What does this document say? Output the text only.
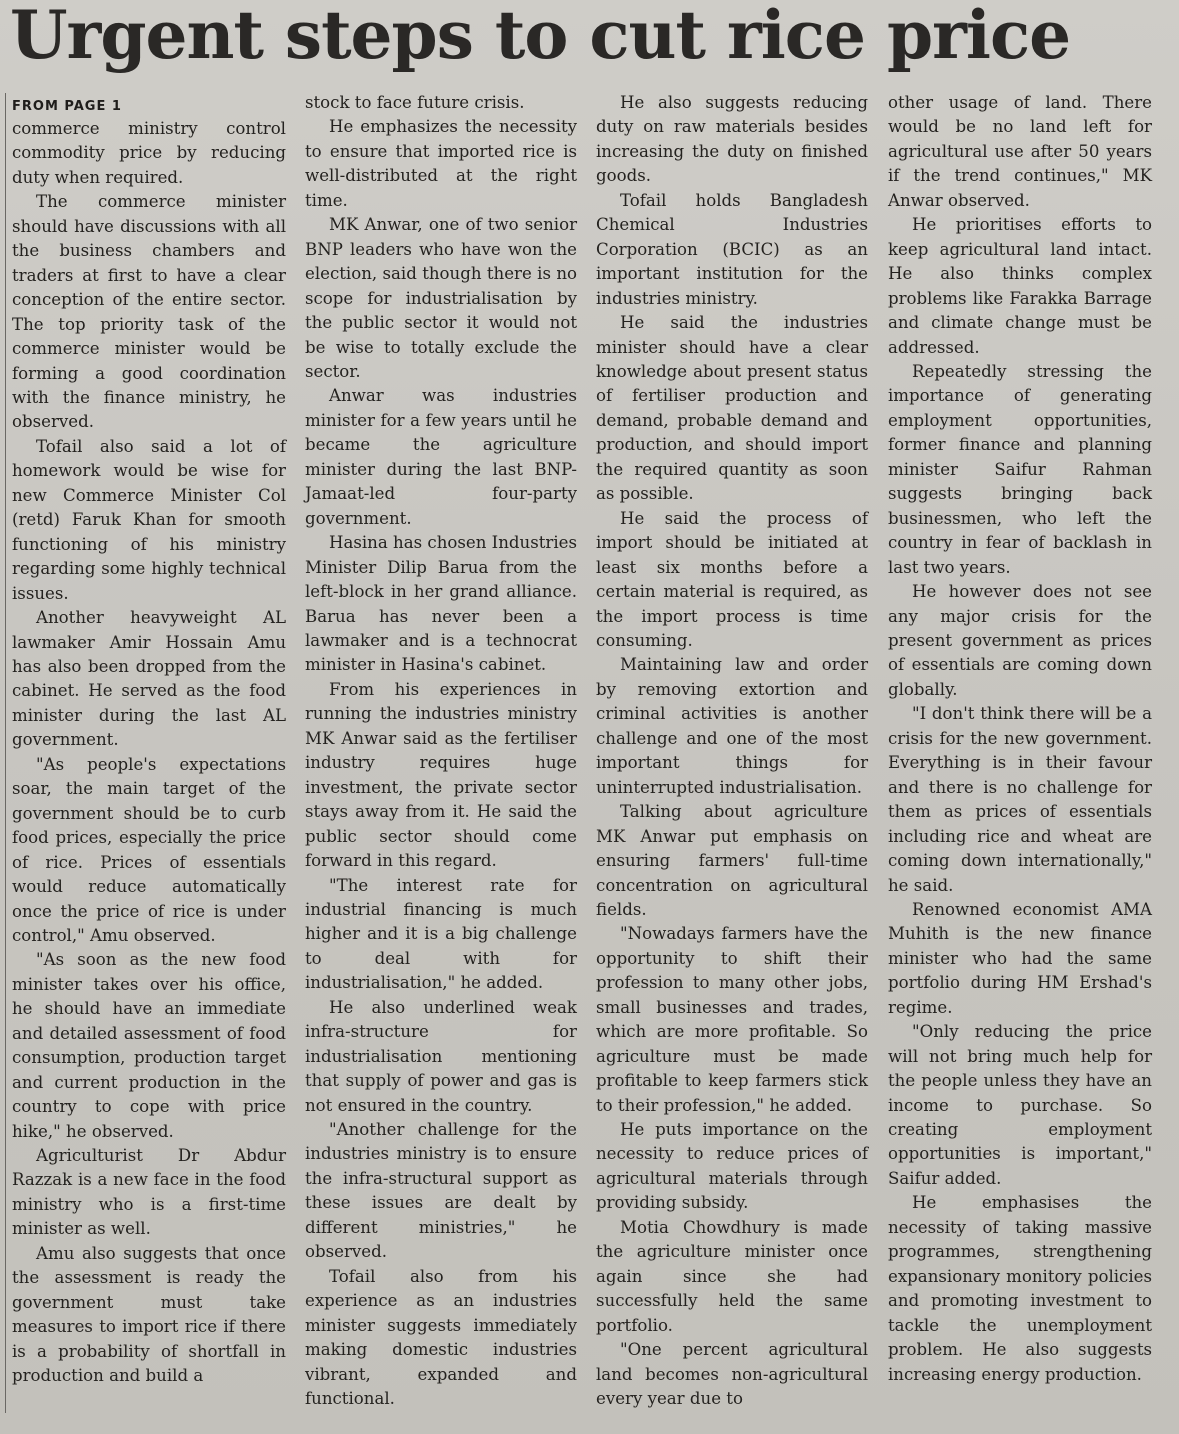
Urgent steps to cut rice price
FROM PAGE 1

commerce ministry control commodity price by reducing duty when required.

The commerce minister should have discussions with all the business chambers and traders at first to have a clear conception of the entire sector. The top priority task of the commerce minister would be forming a good coordination with the finance ministry, he observed.

Tofail also said a lot of homework would be wise for new Commerce Minister Col (retd) Faruk Khan for smooth functioning of his ministry regarding some highly technical issues.

Another heavyweight AL lawmaker Amir Hossain Amu has also been dropped from the cabinet. He served as the food minister during the last AL government.

"As people's expectations soar, the main target of the government should be to curb food prices, especially the price of rice. Prices of essentials would reduce automatically once the price of rice is under control," Amu observed.

"As soon as the new food minister takes over his office, he should have an immediate and detailed assessment of food consumption, production target and current production in the country to cope with price hike," he observed.

Agriculturist Dr Abdur Razzak is a new face in the food ministry who is a first-time minister as well.

Amu also suggests that once the assessment is ready the government must take measures to import rice if there is a probability of shortfall in production and build a

stock to face future crisis.

He emphasizes the necessity to ensure that imported rice is well-distributed at the right time.

MK Anwar, one of two senior BNP leaders who have won the election, said though there is no scope for industrialisation by the public sector it would not be wise to totally exclude the sector.

Anwar was industries minister for a few years until he became the agriculture minister during the last BNP-Jamaat-led four-party government.

Hasina has chosen Industries Minister Dilip Barua from the left-block in her grand alliance. Barua has never been a lawmaker and is a technocrat minister in Hasina's cabinet.

From his experiences in running the industries ministry MK Anwar said as the fertiliser industry requires huge investment, the private sector stays away from it. He said the public sector should come forward in this regard.

"The interest rate for industrial financing is much higher and it is a big challenge to deal with for industrialisation," he added.

He also underlined weak infra-structure for industrialisation mentioning that supply of power and gas is not ensured in the country.

"Another challenge for the industries ministry is to ensure the infra-structural support as these issues are dealt by different ministries," he observed.

Tofail also from his experience as an industries minister suggests immediately making domestic industries vibrant, expanded and functional.

He also suggests reducing duty on raw materials besides increasing the duty on finished goods.

Tofail holds Bangladesh Chemical Industries Corporation (BCIC) as an important institution for the industries ministry.

He said the industries minister should have a clear knowledge about present status of fertiliser production and demand, probable demand and production, and should import the required quantity as soon as possible.

He said the process of import should be initiated at least six months before a certain material is required, as the import process is time consuming.

Maintaining law and order by removing extortion and criminal activities is another challenge and one of the most important things for uninterrupted industrialisation.

Talking about agriculture MK Anwar put emphasis on ensuring farmers' full-time concentration on agricultural fields.

"Nowadays farmers have the opportunity to shift their profession to many other jobs, small businesses and trades, which are more profitable. So agriculture must be made profitable to keep farmers stick to their profession," he added.

He puts importance on the necessity to reduce prices of agricultural materials through providing subsidy.

Motia Chowdhury is made the agriculture minister once again since she had successfully held the same portfolio.

"One percent agricultural land becomes non-agricultural every year due to

other usage of land. There would be no land left for agricultural use after 50 years if the trend continues," MK Anwar observed.

He prioritises efforts to keep agricultural land intact. He also thinks complex problems like Farakka Barrage and climate change must be addressed.

Repeatedly stressing the importance of generating employment opportunities, former finance and planning minister Saifur Rahman suggests bringing back businessmen, who left the country in fear of backlash in last two years.

He however does not see any major crisis for the present government as prices of essentials are coming down globally.

"I don't think there will be a crisis for the new government. Everything is in their favour and there is no challenge for them as prices of essentials including rice and wheat are coming down internationally," he said.

Renowned economist AMA Muhith is the new finance minister who had the same portfolio during HM Ershad's regime.

"Only reducing the price will not bring much help for the people unless they have an income to purchase. So creating employment opportunities is important," Saifur added.

He emphasises the necessity of taking massive programmes, strengthening expansionary monitory policies and promoting investment to tackle the unemployment problem. He also suggests increasing energy production.
